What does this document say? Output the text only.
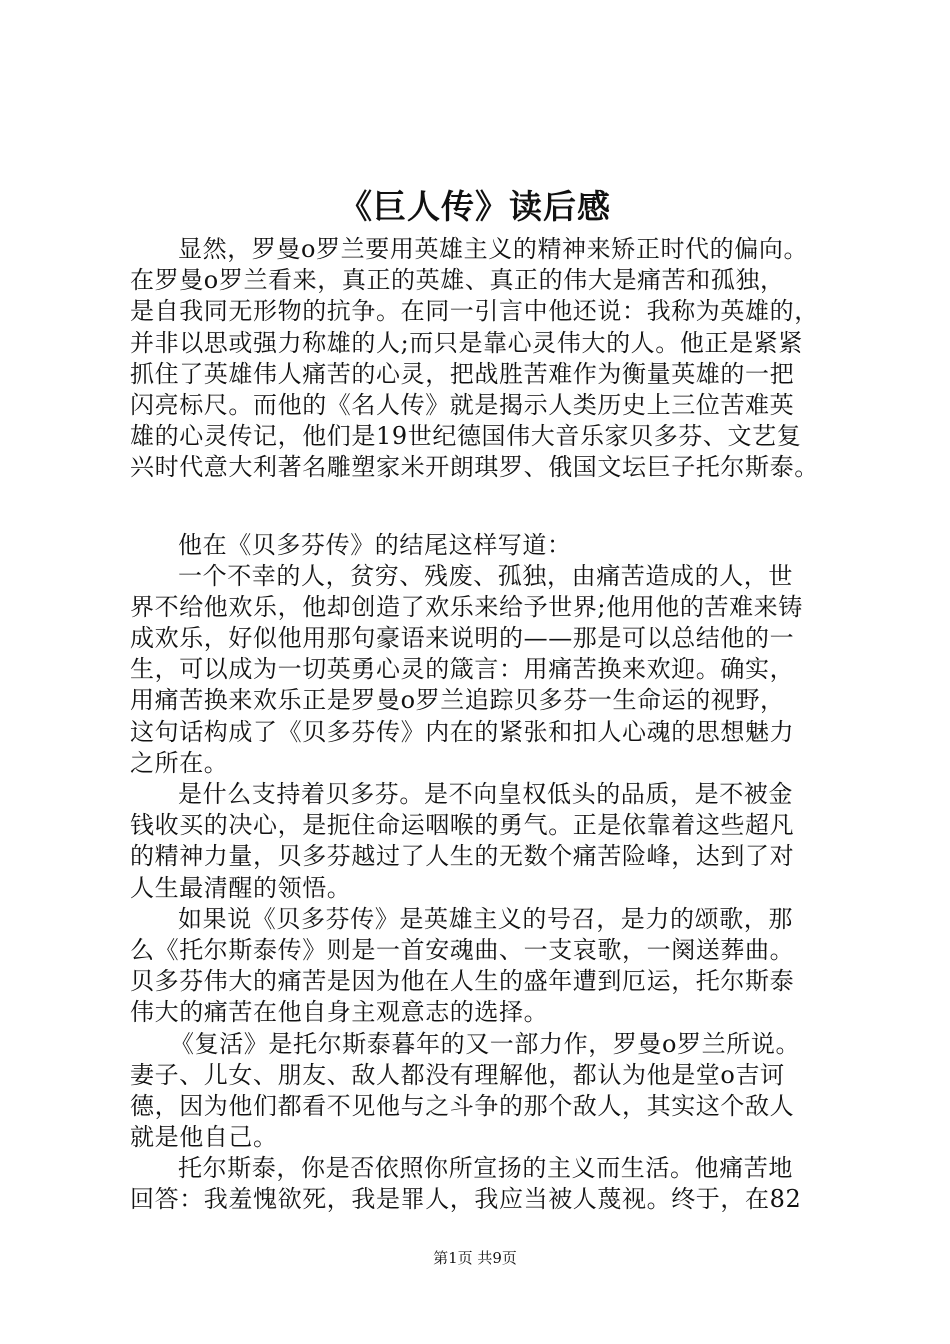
《巨人传》读后感
显然，罗曼o罗兰要用英雄主义的精神来矫正时代的偏向。
在罗曼o罗兰看来，真正的英雄、真正的伟大是痛苦和孤独，
是自我同无形物的抗争。在同一引言中他还说：我称为英雄的，
并非以思或强力称雄的人;而只是靠心灵伟大的人。他正是紧紧
抓住了英雄伟人痛苦的心灵，把战胜苦难作为衡量英雄的一把
闪亮标尺。而他的《名人传》就是揭示人类历史上三位苦难英
雄的心灵传记，他们是19世纪德国伟大音乐家贝多芬、文艺复
兴时代意大利著名雕塑家米开朗琪罗、俄国文坛巨子托尔斯泰。
他在《贝多芬传》的结尾这样写道：
一个不幸的人，贫穷、残废、孤独，由痛苦造成的人，世
界不给他欢乐，他却创造了欢乐来给予世界;他用他的苦难来铸
成欢乐，好似他用那句豪语来说明的——那是可以总结他的一
生，可以成为一切英勇心灵的箴言：用痛苦换来欢迎。确实，
用痛苦换来欢乐正是罗曼o罗兰追踪贝多芬一生命运的视野，
这句话构成了《贝多芬传》内在的紧张和扣人心魂的思想魅力
之所在。
是什么支持着贝多芬。是不向皇权低头的品质，是不被金
钱收买的决心，是扼住命运咽喉的勇气。正是依靠着这些超凡
的精神力量，贝多芬越过了人生的无数个痛苦险峰，达到了对
人生最清醒的领悟。
如果说《贝多芬传》是英雄主义的号召，是力的颂歌，那
么《托尔斯泰传》则是一首安魂曲、一支哀歌，一阕送葬曲。
贝多芬伟大的痛苦是因为他在人生的盛年遭到厄运，托尔斯泰
伟大的痛苦在他自身主观意志的选择。
《复活》是托尔斯泰暮年的又一部力作，罗曼o罗兰所说。
妻子、儿女、朋友、敌人都没有理解他，都认为他是堂o吉诃
德，因为他们都看不见他与之斗争的那个敌人，其实这个敌人
就是他自己。
托尔斯泰，你是否依照你所宣扬的主义而生活。他痛苦地
回答：我羞愧欲死，我是罪人，我应当被人蔑视。终于，在82
第1页 共9页
